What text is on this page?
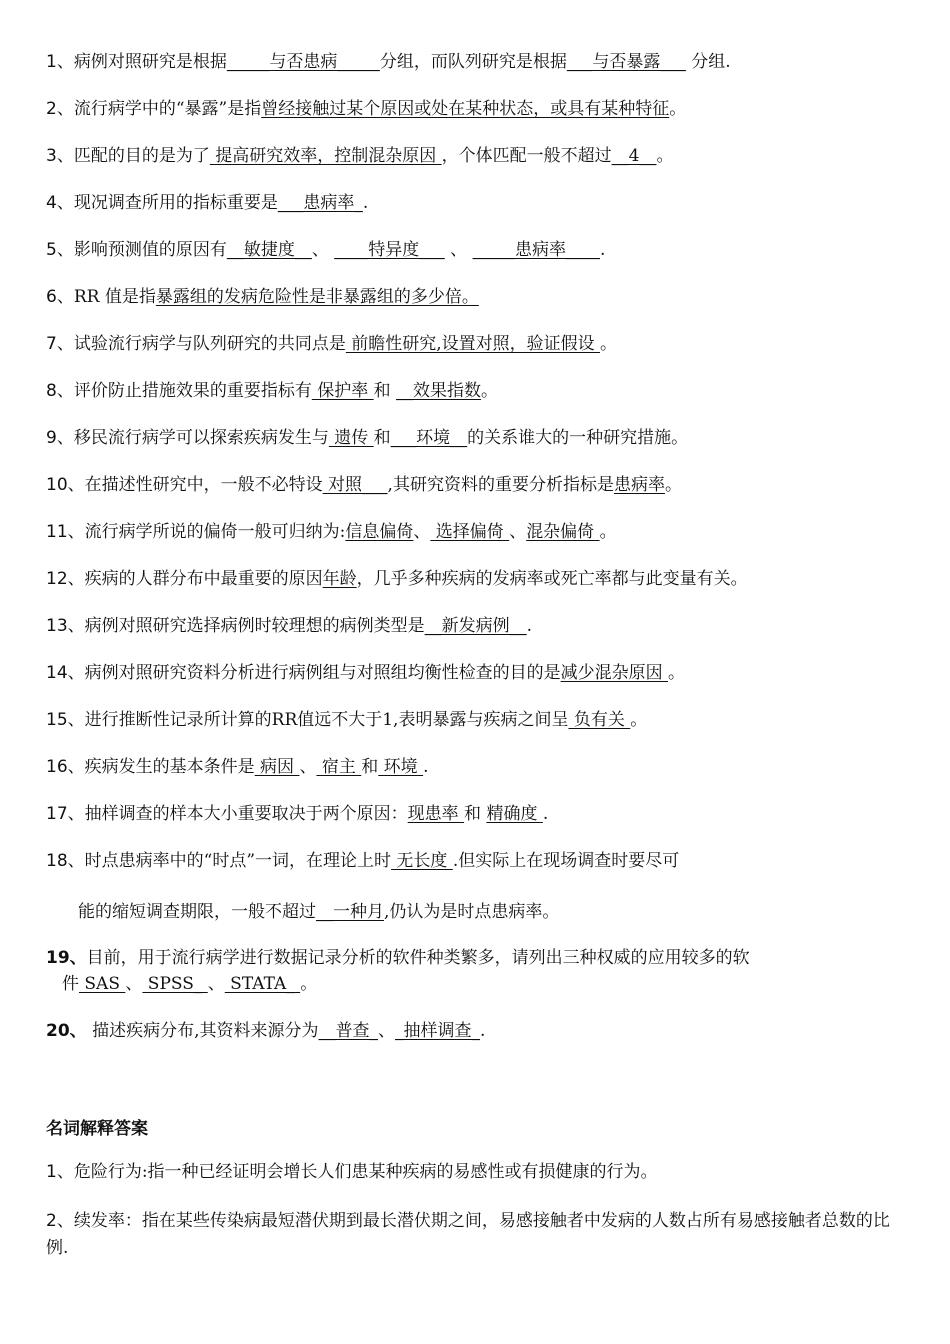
1、病例对照研究是根据_____与否患病_____分组，而队列研究是根据___与否暴露___ 分组.
2、流行病学中的“暴露”是指曾经接触过某个原因或处在某种状态，或具有某种特征。
3、匹配的目的是为了 提高研究效率，控制混杂原因 ，个体匹配一般不超过__4__。
4、现况调查所用的指标重要是___患病率_.
5、影响预测值的原因有__敏捷度__、 ____特异度___ 、 _____患病率____.
6、RR 值是指暴露组的发病危险性是非暴露组的多少倍。
7、试验流行病学与队列研究的共同点是 前瞻性研究,设置对照，验证假设 。
8、评价防止措施效果的重要指标有 保护率 和 __效果指数。
9、移民流行病学可以探索疾病发生与 遗传 和___环境__的关系谁大的一种研究措施。
10、在描述性研究中，一般不必特设 对照___,其研究资料的重要分析指标是患病率。
11、流行病学所说的偏倚一般可归纳为:信息偏倚、 选择偏倚 、混杂偏倚 。
12、疾病的人群分布中最重要的原因年龄，几乎多种疾病的发病率或死亡率都与此变量有关。
13、病例对照研究选择病例时较理想的病例类型是__新发病例__.
14、病例对照研究资料分析进行病例组与对照组均衡性检查的目的是减少混杂原因 。
15、进行推断性记录所计算的RR值远不大于1,表明暴露与疾病之间呈 负有关 。
16、疾病发生的基本条件是 病因 、 宿主 和 环境 .
17、抽样调查的样本大小重要取决于两个原因：现患率 和 精确度 .
18、时点患病率中的“时点”一词，在理论上时 无长度 .但实际上在现场调查时要尽可
能的缩短调查期限，一般不超过__一种月,仍认为是时点患病率。
19、目前，用于流行病学进行数据记录分析的软件种类繁多，请列出三种权威的应用较多的软
件 SAS 、 SPSS_ 、 STATA_ 。
20、 描述疾病分布,其资料来源分为__普查_、_抽样调查_.
名词解释答案
1、危险行为:指一种已经证明会增长人们患某种疾病的易感性或有损健康的行为。
2、续发率：指在某些传染病最短潜伏期到最长潜伏期之间，易感接触者中发病的人数占所有易感接触者总数的比例.
